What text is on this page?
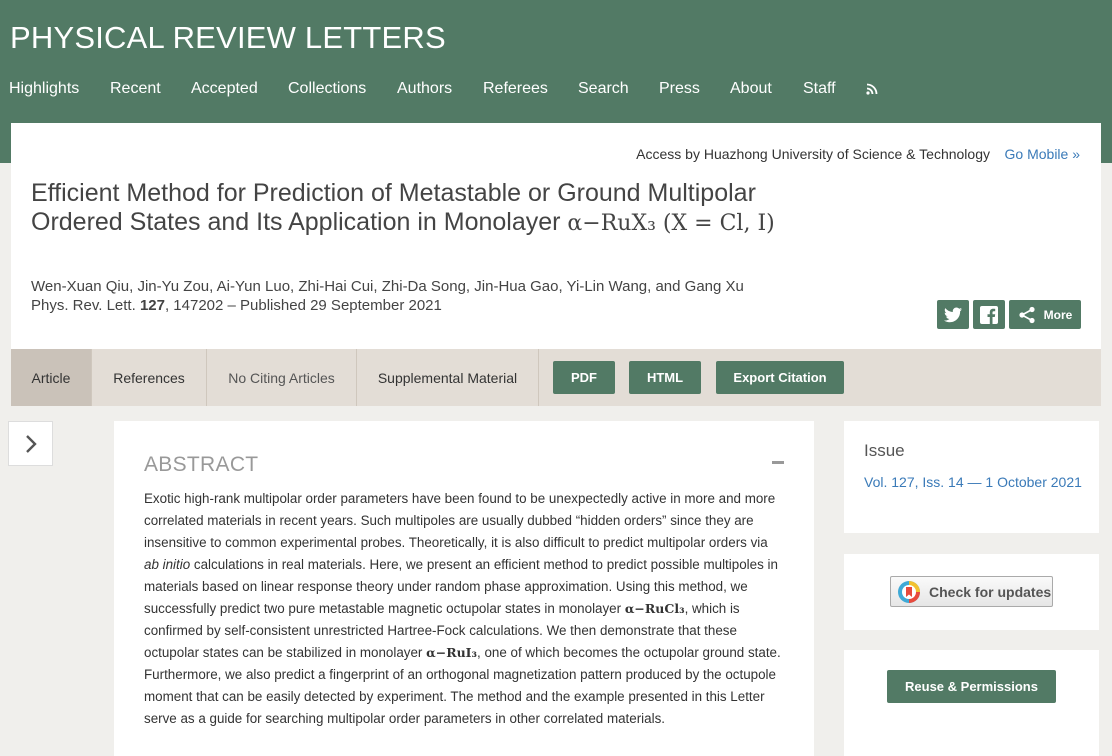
PHYSICAL REVIEW LETTERS
Highlights Recent Accepted Collections Authors Referees Search Press About Staff
Access by Huazhong University of Science & Technology Go Mobile »
Efficient Method for Prediction of Metastable or Ground Multipolar Ordered States and Its Application in Monolayer α−RuX₃ (X = Cl, I)
Wen-Xuan Qiu, Jin-Yu Zou, Ai-Yun Luo, Zhi-Hai Cui, Zhi-Da Song, Jin-Hua Gao, Yi-Lin Wang, and Gang Xu
Phys. Rev. Lett. 127, 147202 – Published 29 September 2021
More
Article	References	No Citing Articles	Supplemental Material	PDF	HTML	Export Citation
ABSTRACT

Exotic high-rank multipolar order parameters have been found to be unexpectedly active in more and more correlated materials in recent years. Such multipoles are usually dubbed “hidden orders” since they are insensitive to common experimental probes. Theoretically, it is also difficult to predict multipolar orders via ab initio calculations in real materials. Here, we present an efficient method to predict possible multipoles in materials based on linear response theory under random phase approximation. Using this method, we successfully predict two pure metastable magnetic octupolar states in monolayer α−RuCl₃, which is confirmed by self-consistent unrestricted Hartree-Fock calculations. We then demonstrate that these octupolar states can be stabilized in monolayer α−RuI₃, one of which becomes the octupolar ground state. Furthermore, we also predict a fingerprint of an orthogonal magnetization pattern produced by the octupole moment that can be easily detected by experiment. The method and the example presented in this Letter serve as a guide for searching multipolar order parameters in other correlated materials.

Issue
Vol. 127, Iss. 14 — 1 October 2021
Check for updates
Reuse & Permissions
